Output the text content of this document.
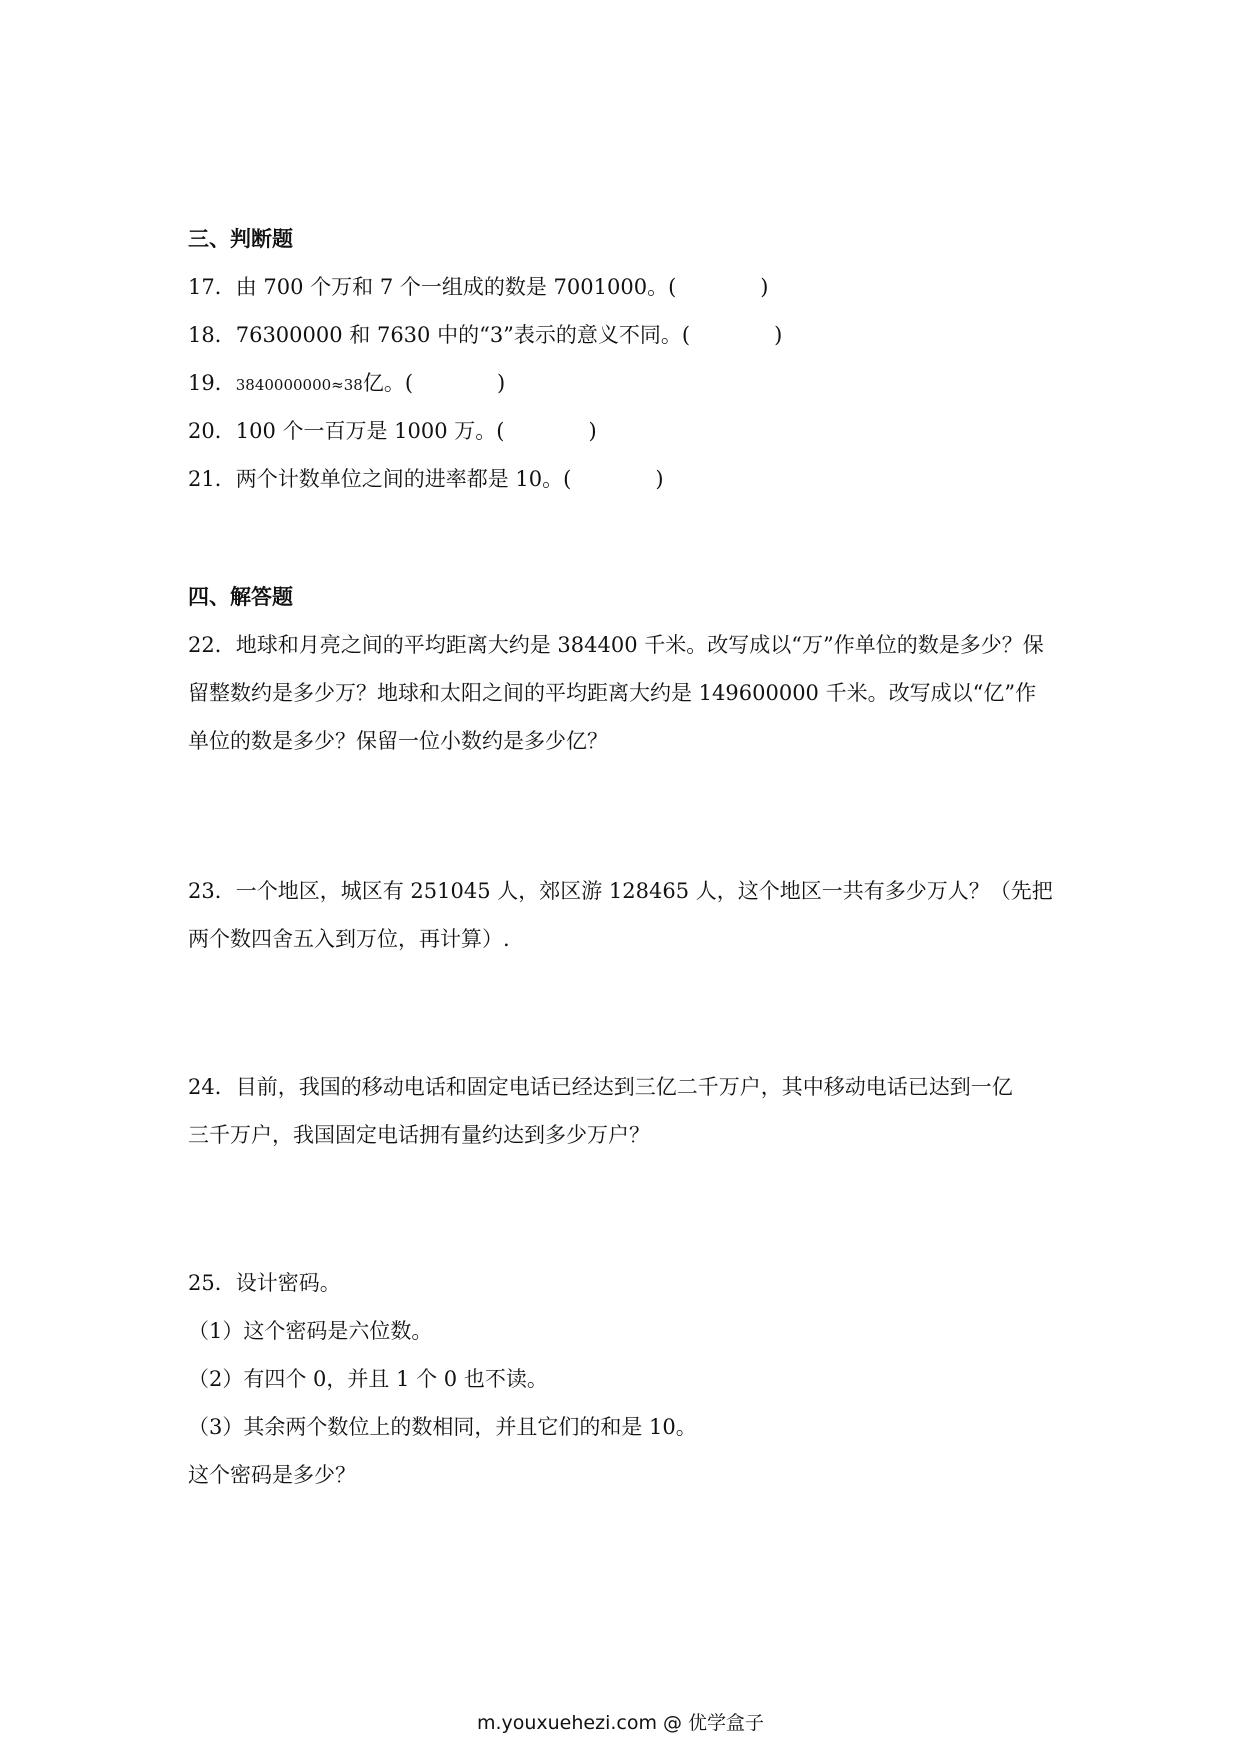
三、判断题
17．由 700 个万和 7 个一组成的数是 7001000。(	)
18．76300000 和 7630 中的“3”表示的意义不同。(	)
19．3840000000≈38亿。(	)
20．100 个一百万是 1000 万。(	)
21．两个计数单位之间的进率都是 10。(	)
四、解答题
22．地球和月亮之间的平均距离大约是 384400 千米。改写成以“万”作单位的数是多少？保
留整数约是多少万？地球和太阳之间的平均距离大约是 149600000 千米。改写成以“亿”作
单位的数是多少？保留一位小数约是多少亿？
23．一个地区，城区有 251045 人，郊区游 128465 人，这个地区一共有多少万人？（先把
两个数四舍五入到万位，再计算）.
24．目前，我国的移动电话和固定电话已经达到三亿二千万户，其中移动电话已达到一亿
三千万户，我国固定电话拥有量约达到多少万户？
25．设计密码。
（1）这个密码是六位数。
（2）有四个 0，并且 1 个 0 也不读。
（3）其余两个数位上的数相同，并且它们的和是 10。
这个密码是多少？
m.youxuehezi.com @ 优学盒子
